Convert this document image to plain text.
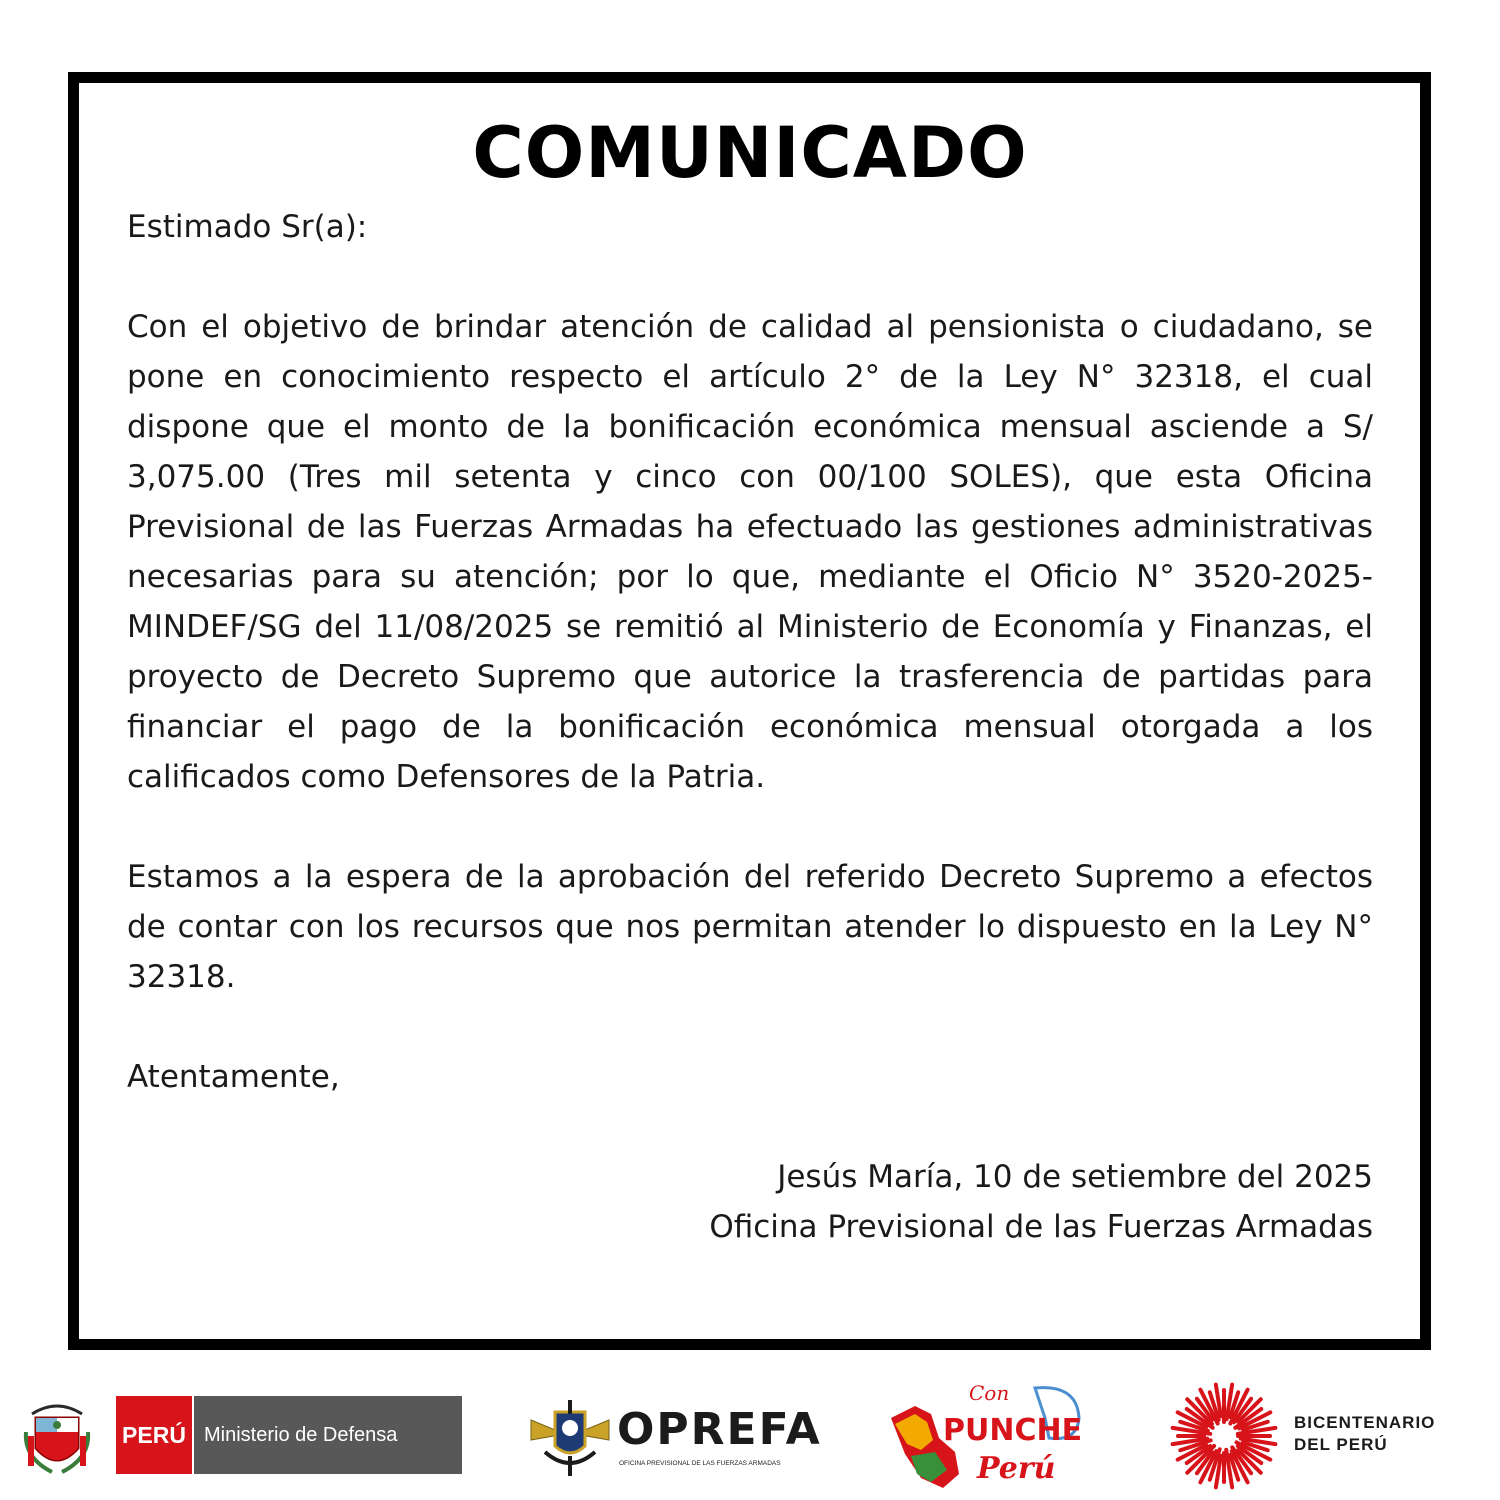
COMUNICADO

Estimado Sr(a):

Con el objetivo de brindar atención de calidad al pensionista o ciudadano, se pone en conocimiento respecto el artículo 2° de la Ley N° 32318, el cual dispone que el monto de la bonificación económica mensual asciende a S/ 3,075.00 (Tres mil setenta y cinco con 00/100 SOLES), que esta Oficina Previsional de las Fuerzas Armadas ha efectuado las gestiones administrativas necesarias para su atención; por lo que, mediante el Oficio N° 3520-2025-MINDEF/SG del 11/08/2025 se remitió al Ministerio de Economía y Finanzas, el proyecto de Decreto Supremo que autorice la trasferencia de partidas para financiar el pago de la bonificación económica mensual otorgada a los calificados como Defensores de la Patria.

Estamos a la espera de la aprobación del referido Decreto Supremo a efectos de contar con los recursos que nos permitan atender lo dispuesto en la Ley N° 32318.

Atentamente,

Jesús María, 10 de setiembre del 2025

Oficina Previsional de las Fuerzas Armadas

PERÚ Ministerio de Defensa	OPREFA
OFICINA PREVISIONAL DE LAS FUERZAS ARMADAS
Con
PUNCHE
Perú
BICENTENARIO
DEL PERÚ
